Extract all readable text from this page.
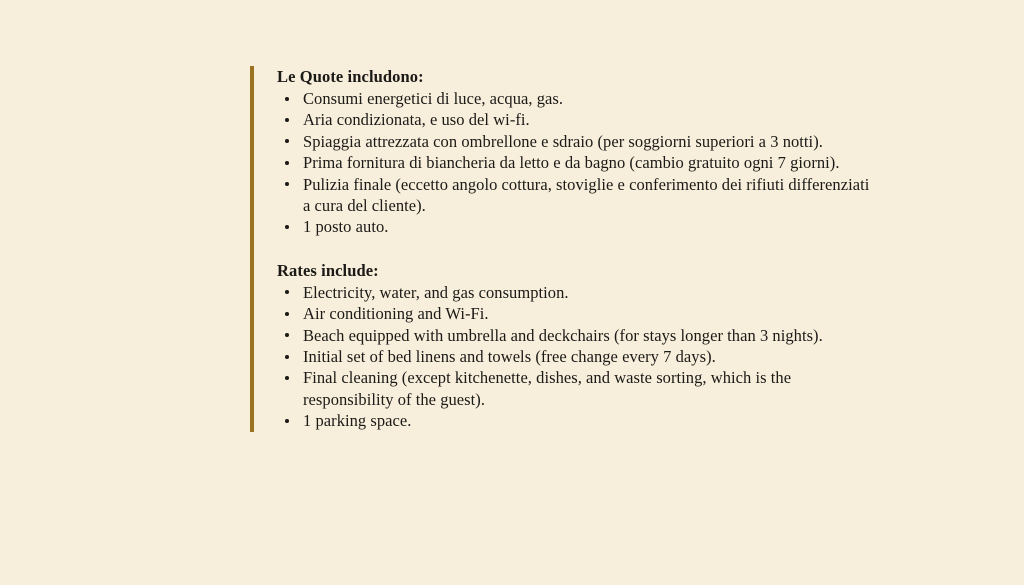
Le Quote includono:
Consumi energetici di luce, acqua, gas.
Aria condizionata, e uso del wi-fi.
Spiaggia attrezzata con ombrellone e sdraio (per soggiorni superiori a 3 notti).
Prima fornitura di biancheria da letto e da bagno (cambio gratuito ogni 7 giorni).
Pulizia finale (eccetto angolo cottura, stoviglie e conferimento dei rifiuti differenziati a cura del cliente).
1 posto auto.
Rates include:
Electricity, water, and gas consumption.
Air conditioning and Wi-Fi.
Beach equipped with umbrella and deckchairs (for stays longer than 3 nights).
Initial set of bed linens and towels (free change every 7 days).
Final cleaning (except kitchenette, dishes, and waste sorting, which is the responsibility of the guest).
1 parking space.
